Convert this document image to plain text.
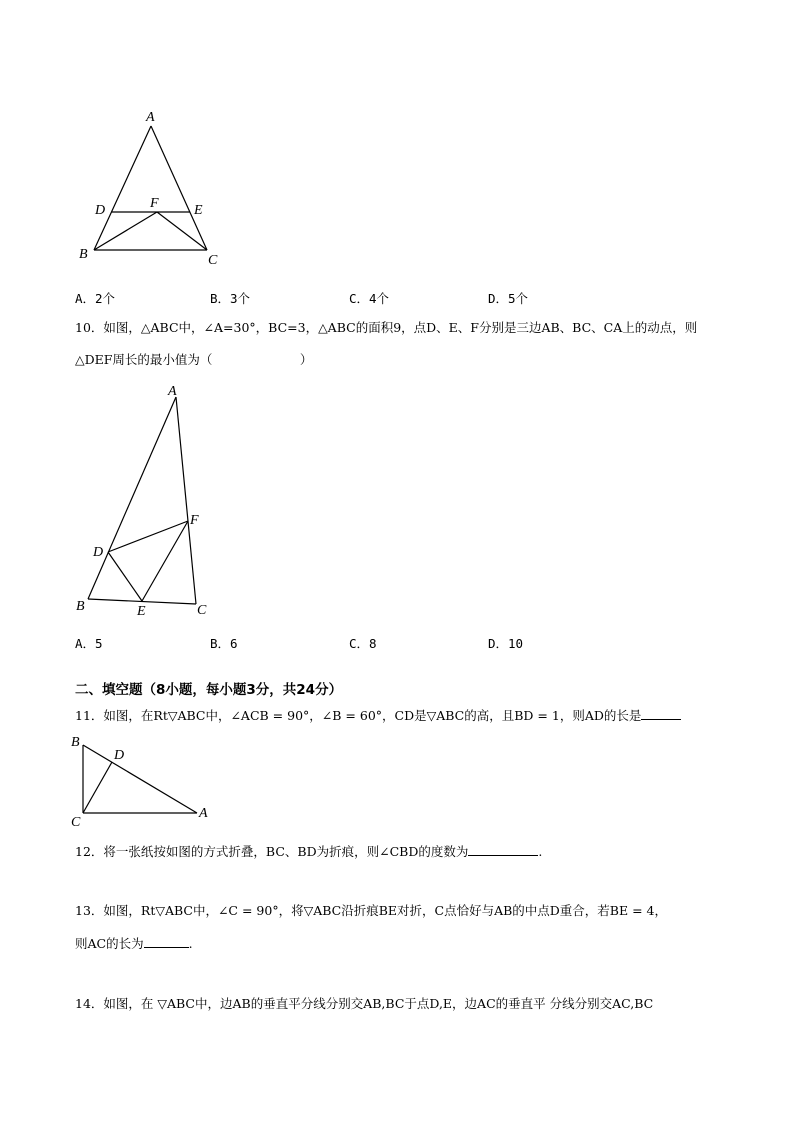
A
D	F	E
B	C
A．2个	B．3个	C．4个	D．5个
10．如图，△ABC中，∠A=30°，BC=3，△ABC的面积9，点D、E、F分别是三边AB、BC、CA上的动点，则
△DEF周长的最小值为（　　　　　　　）
A
F
D
B	E	C
A．5	B．6	C．8	D．10
二、填空题（8小题，每小题3分，共24分）
11．如图，在Rt▽ABC中，∠ACB = 90°，∠B = 60°，CD是▽ABC的高，且BD = 1，则AD的长是
B
D
A
C
12．将一张纸按如图的方式折叠，BC、BD为折痕，则∠CBD的度数为	.
13．如图，Rt▽ABC中，∠C = 90°，将▽ABC沿折痕BE对折，C点恰好与AB的中点D重合，若BE = 4，
则AC的长为	.
14．如图，在 ▽ABC中，边AB的垂直平分线分别交AB,BC于点D,E，边AC的垂直平 分线分别交AC,BC
